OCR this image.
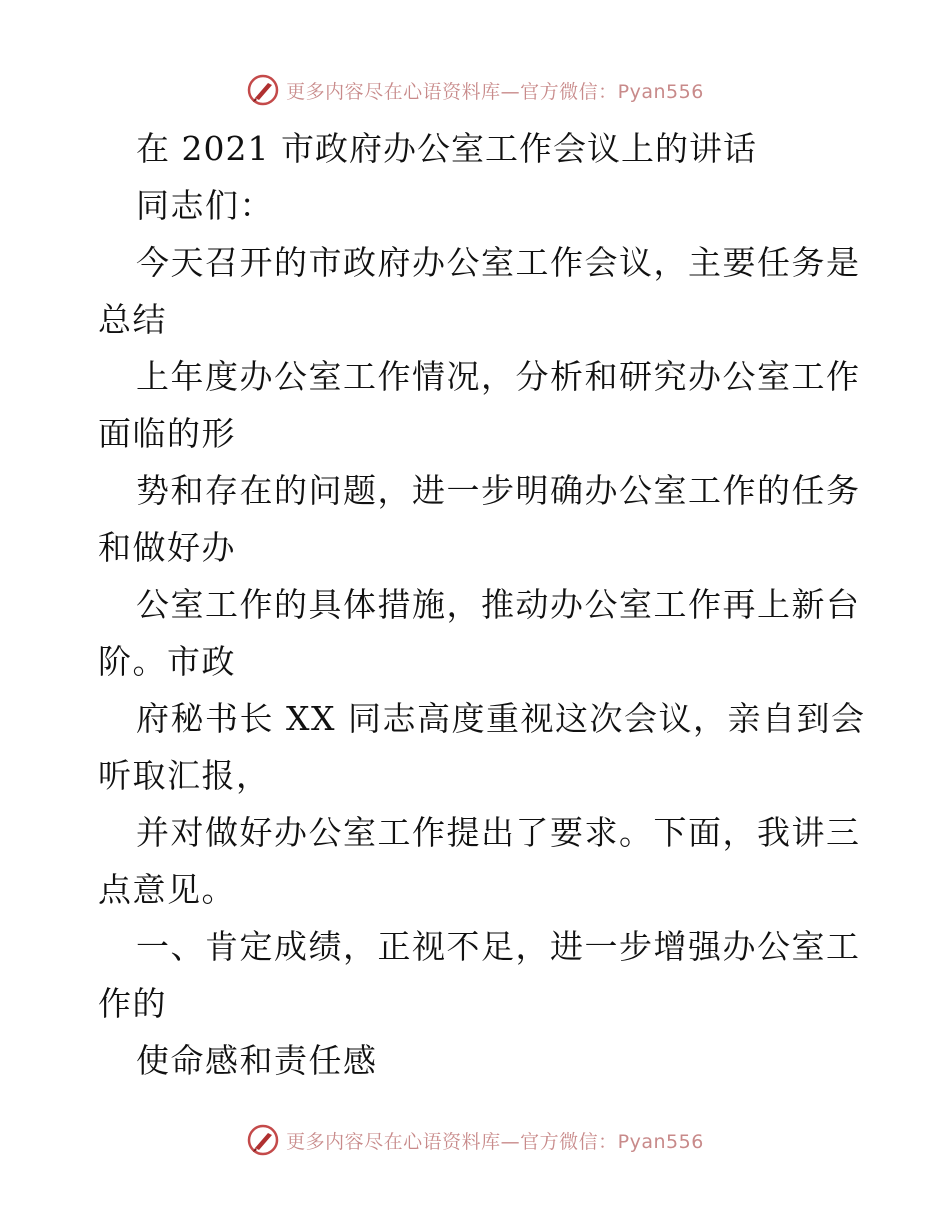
更多内容尽在心语资料库—官方微信：Pyan556
在 2021 市政府办公室工作会议上的讲话
同志们：
今天召开的市政府办公室工作会议，主要任务是
总结
上年度办公室工作情况，分析和研究办公室工作
面临的形
势和存在的问题，进一步明确办公室工作的任务
和做好办
公室工作的具体措施，推动办公室工作再上新台
阶。市政
府秘书长 XX 同志高度重视这次会议，亲自到会
听取汇报，
并对做好办公室工作提出了要求。下面，我讲三
点意见。
一、肯定成绩，正视不足，进一步增强办公室工
作的
使命感和责任感
更多内容尽在心语资料库—官方微信：Pyan556
